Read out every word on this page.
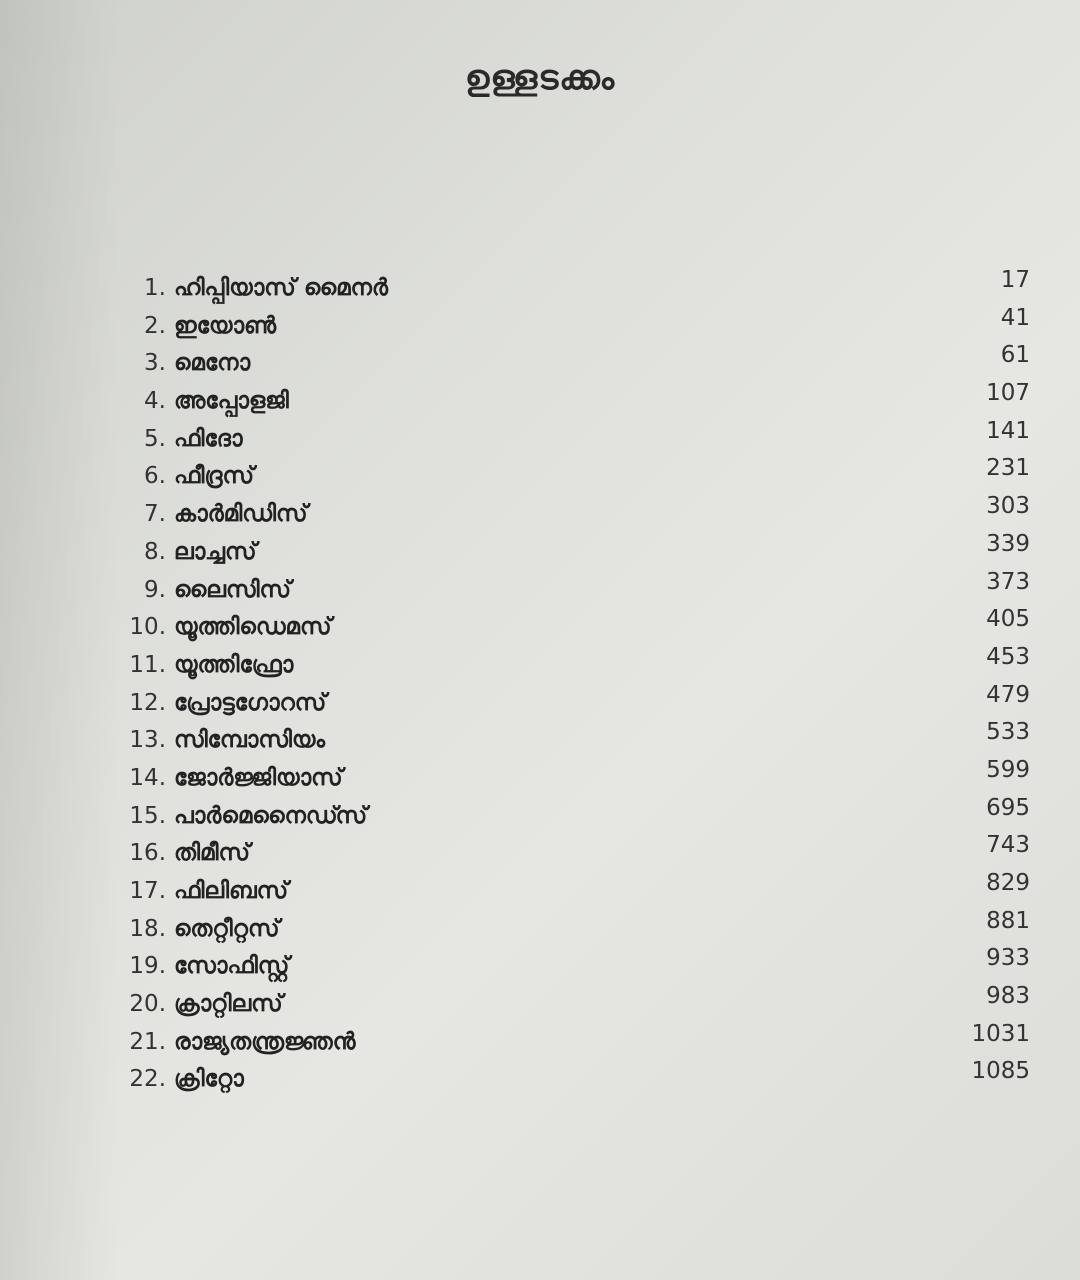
ഉള്ളടക്കം
1. ഹിപ്പിയാസ് മൈനർ	17
2. ഇയോൺ	41
3. മെനോ	61
4. അപ്പോളജി	107
5. ഫിദോ	141
6. ഫീദ്രസ്	231
7. കാർമിഡിസ്	303
8. ലാച്ചസ്	339
9. ലൈസിസ്	373
10. യൂത്തിഡെമസ്	405
11. യൂത്തിഫ്രോ	453
12. പ്രോട്ടഗോറസ്	479
13. സിമ്പോസിയം	533
14. ജോർജ്ജിയാസ്	599
15. പാർമെനൈഡ്സ്	695
16. തിമീസ്	743
17. ഫിലിബസ്	829
18. തെറ്റീറ്റസ്	881
19. സോഫിസ്റ്റ്	933
20. ക്രാറ്റിലസ്	983
21. രാജ്യതന്ത്രജ്ഞൻ	1031
22. ക്രിറ്റോ	1085
